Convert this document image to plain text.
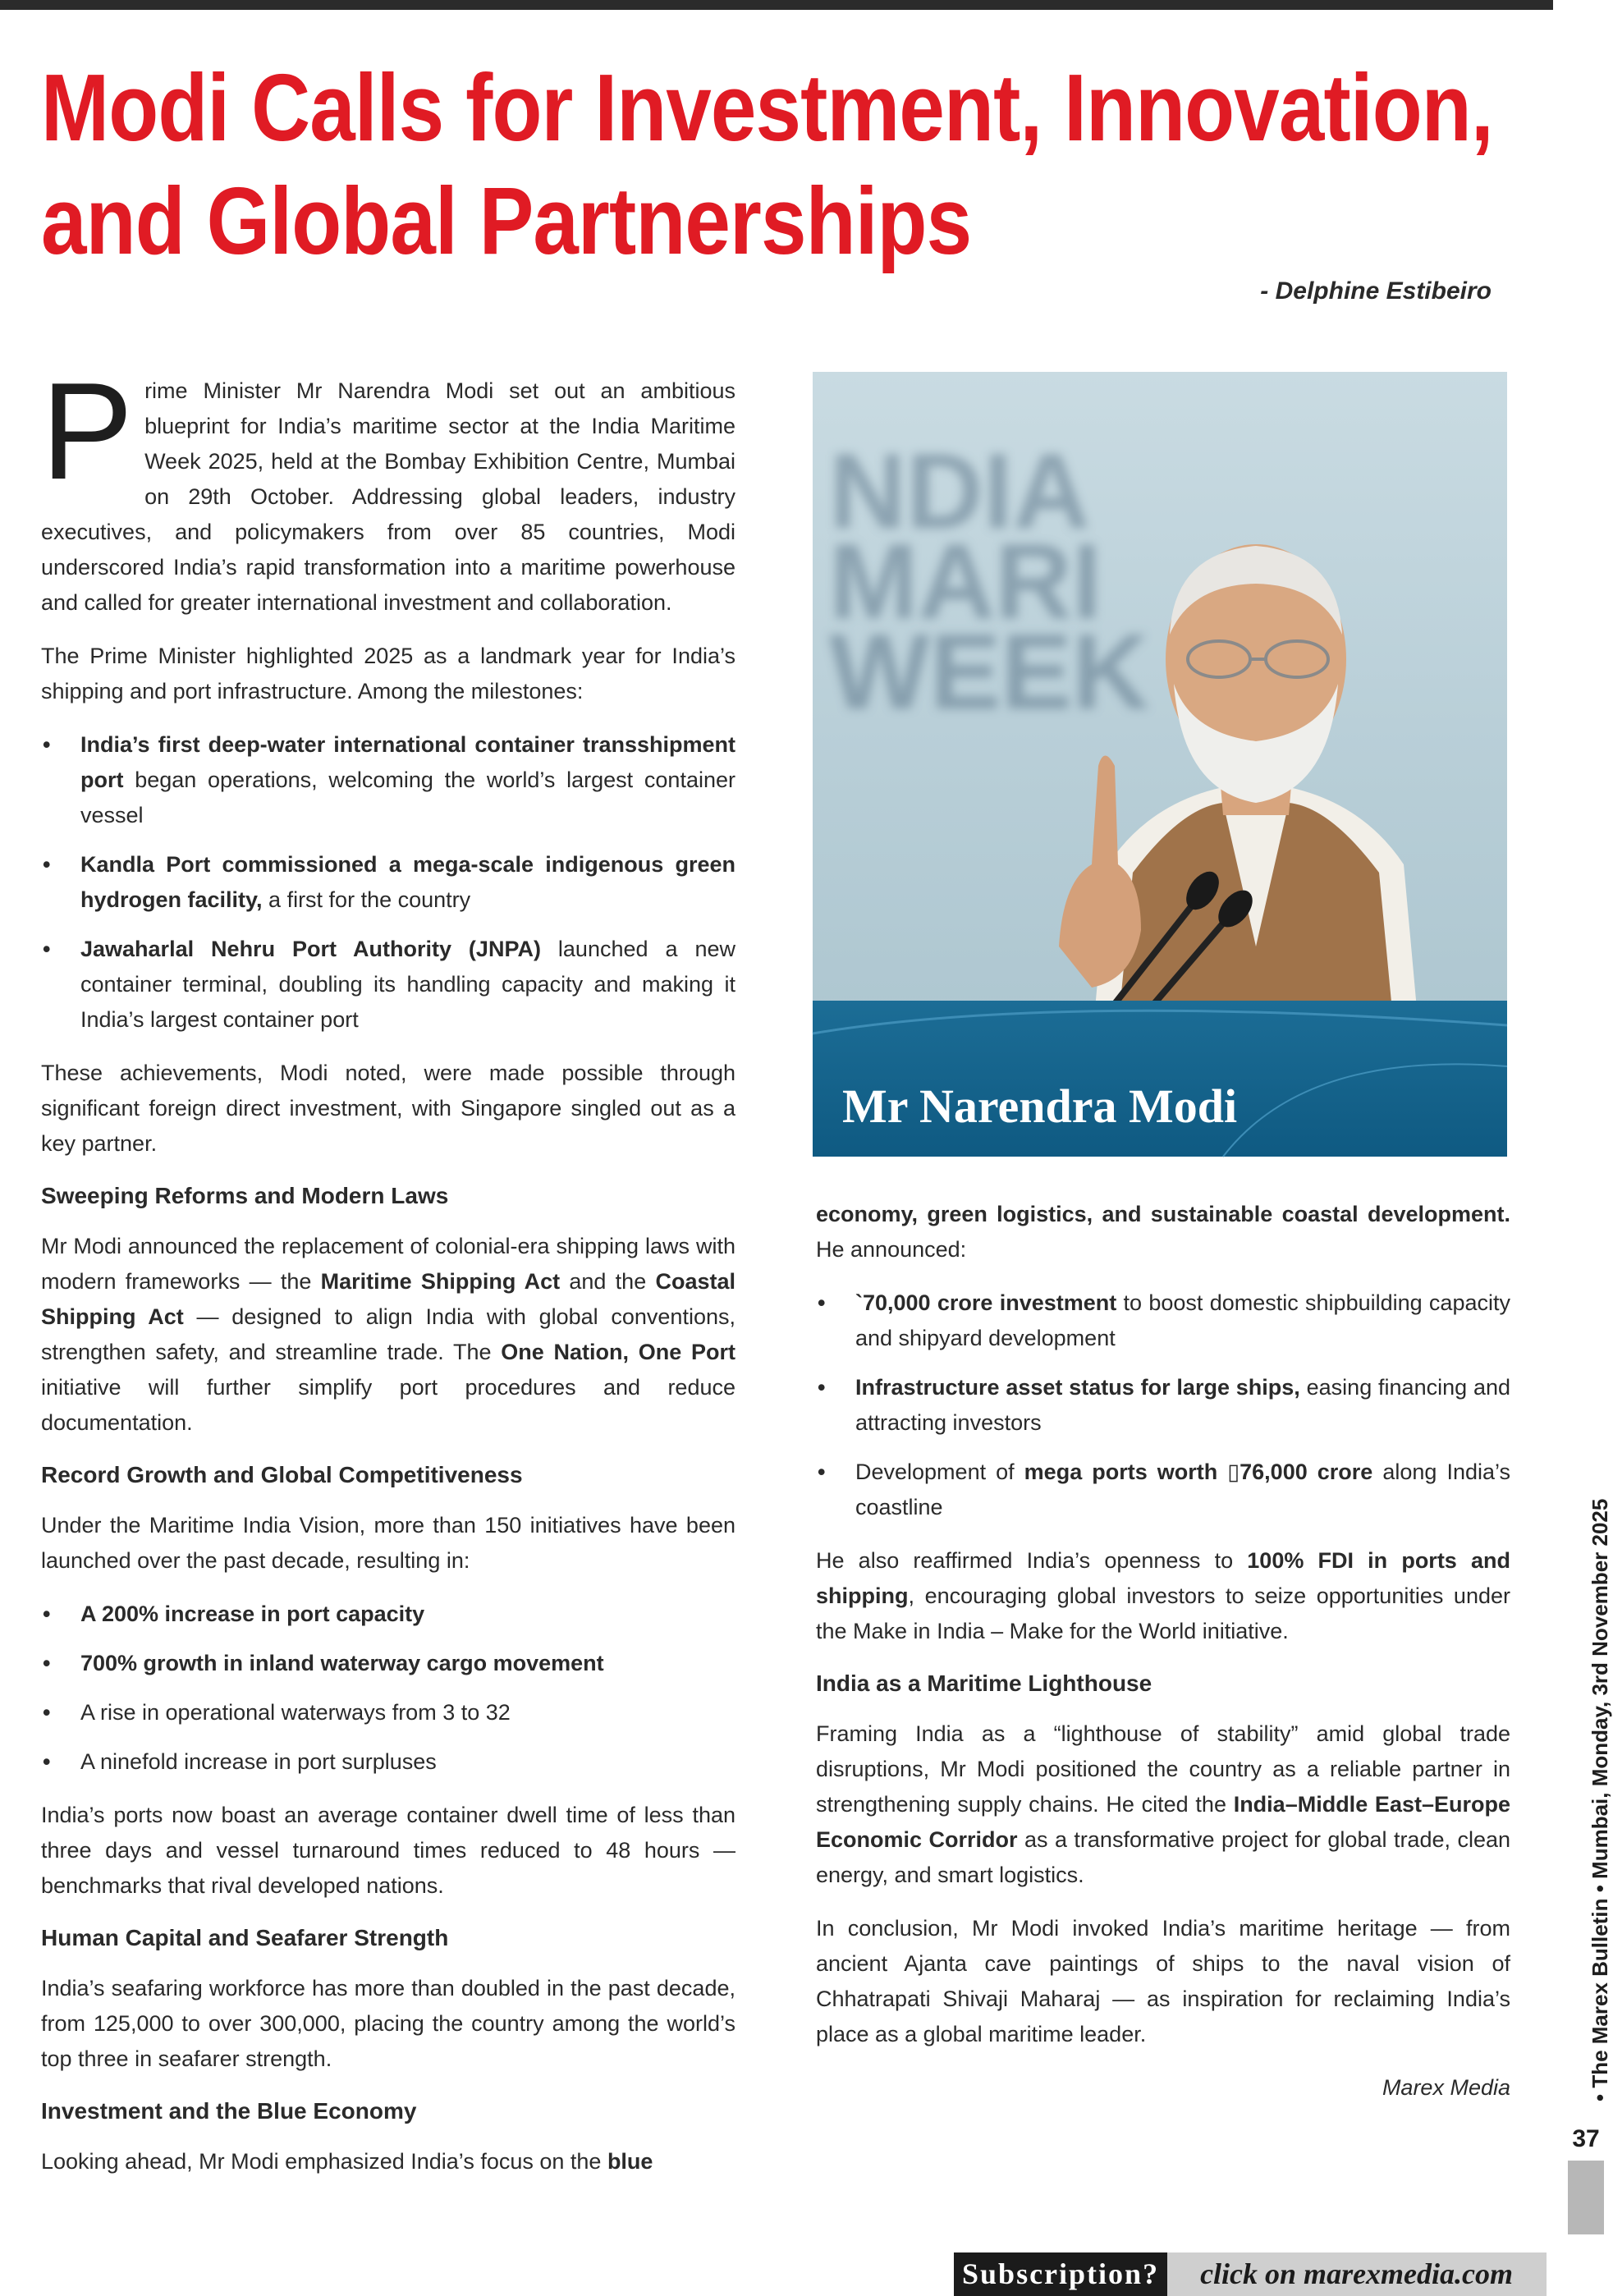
Modi Calls for Investment, Innovation,
and Global Partnerships
- Delphine Estibeiro

Prime Minister Mr Narendra Modi set out an ambitious blueprint for India’s maritime sector at the India Maritime Week 2025, held at the Bombay Exhibition Centre, Mumbai on 29th October. Addressing global leaders, industry executives, and policymakers from over 85 countries, Modi underscored India’s rapid transformation into a maritime powerhouse and called for greater international investment and collaboration.

The Prime Minister highlighted 2025 as a landmark year for India’s shipping and port infrastructure. Among the milestones:

• India’s first deep-water international container transshipment port began operations, welcoming the world’s largest container vessel
• Kandla Port commissioned a mega-scale indigenous green hydrogen facility, a first for the country
• Jawaharlal Nehru Port Authority (JNPA) launched a new container terminal, doubling its handling capacity and making it India’s largest container port

These achievements, Modi noted, were made possible through significant foreign direct investment, with Singapore singled out as a key partner.

Sweeping Reforms and Modern Laws

Mr Modi announced the replacement of colonial-era shipping laws with modern frameworks — the Maritime Shipping Act and the Coastal Shipping Act — designed to align India with global conventions, strengthen safety, and streamline trade. The One Nation, One Port initiative will further simplify port procedures and reduce documentation.

Record Growth and Global Competitiveness

Under the Maritime India Vision, more than 150 initiatives have been launched over the past decade, resulting in:

• A 200% increase in port capacity
• 700% growth in inland waterway cargo movement
• A rise in operational waterways from 3 to 32
• A ninefold increase in port surpluses

India’s ports now boast an average container dwell time of less than three days and vessel turnaround times reduced to 48 hours — benchmarks that rival developed nations.

Human Capital and Seafarer Strength

India’s seafaring workforce has more than doubled in the past decade, from 125,000 to over 300,000, placing the country among the world’s top three in seafarer strength.

Investment and the Blue Economy

Looking ahead, Mr Modi emphasized India’s focus on the blue

NDIA
MARI
WEEK
Mr Narendra Modi

economy, green logistics, and sustainable coastal development. He announced:

• `70,000 crore investment to boost domestic shipbuilding capacity and shipyard development
• Infrastructure asset status for large ships, easing financing and attracting investors
• Development of mega ports worth ▯76,000 crore along India’s coastline

He also reaffirmed India’s openness to 100% FDI in ports and shipping, encouraging global investors to seize opportunities under the Make in India – Make for the World initiative.

India as a Maritime Lighthouse

Framing India as a “lighthouse of stability” amid global trade disruptions, Mr Modi positioned the country as a reliable partner in strengthening supply chains. He cited the India–Middle East–Europe Economic Corridor as a transformative project for global trade, clean energy, and smart logistics.

In conclusion, Mr Modi invoked India’s maritime heritage — from ancient Ajanta cave paintings of ships to the naval vision of Chhatrapati Shivaji Maharaj — as inspiration for reclaiming India’s place as a global maritime leader.

Marex Media	• The Marex Bulletin • Mumbai, Monday, 3rd November 2025
37
Subscription?	click on marexmedia.com
